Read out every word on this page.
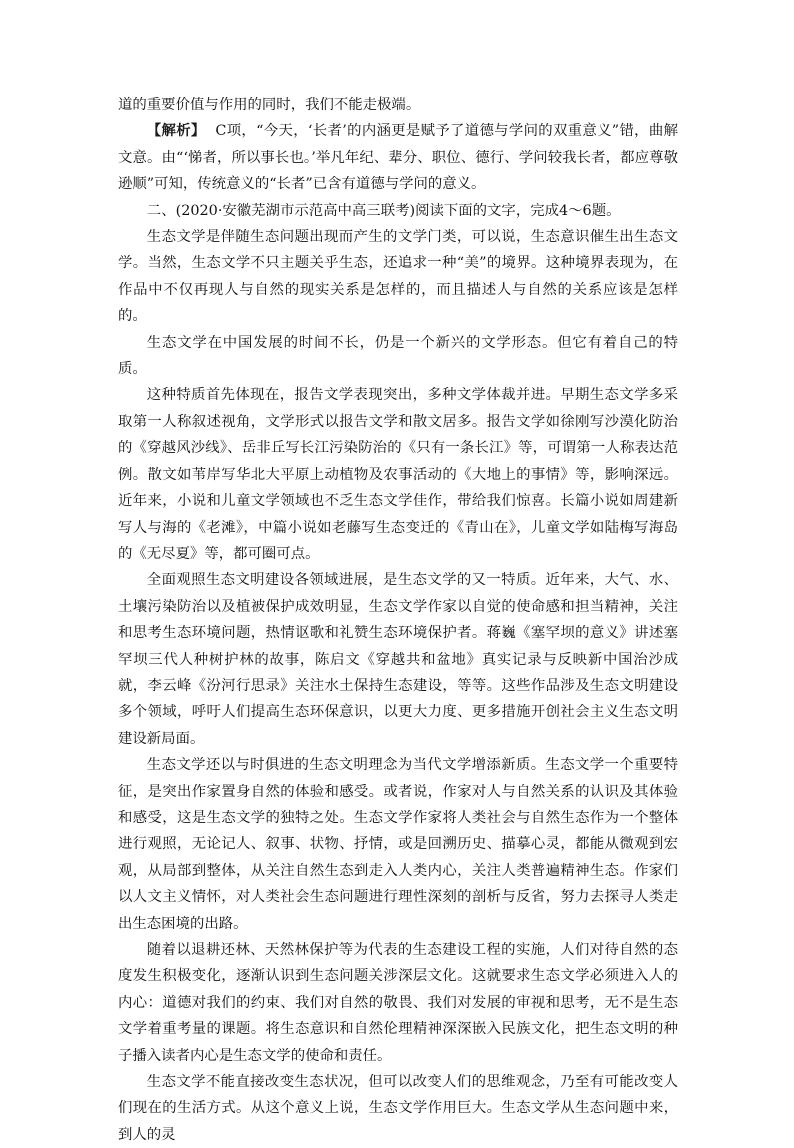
道的重要价值与作用的同时，我们不能走极端。

【解析】 C项，“今天，‘长者’的内涵更是赋予了道德与学问的双重意义”错，曲解文意。由“‘悌者，所以事长也。’举凡年纪、辈分、职位、德行、学问较我长者，都应尊敬逊顺”可知，传统意义的“长者”已含有道德与学问的意义。

二、(2020·安徽芜湖市示范高中高三联考)阅读下面的文字，完成4～6题。

生态文学是伴随生态问题出现而产生的文学门类，可以说，生态意识催生出生态文学。当然，生态文学不只主题关乎生态，还追求一种“美”的境界。这种境界表现为，在作品中不仅再现人与自然的现实关系是怎样的，而且描述人与自然的关系应该是怎样的。

生态文学在中国发展的时间不长，仍是一个新兴的文学形态。但它有着自己的特质。

这种特质首先体现在，报告文学表现突出，多种文学体裁并进。早期生态文学多采取第一人称叙述视角，文学形式以报告文学和散文居多。报告文学如徐刚写沙漠化防治的《穿越风沙线》、岳非丘写长江污染防治的《只有一条长江》等，可谓第一人称表达范例。散文如苇岸写华北大平原上动植物及农事活动的《大地上的事情》等，影响深远。近年来，小说和儿童文学领域也不乏生态文学佳作，带给我们惊喜。长篇小说如周建新写人与海的《老滩》，中篇小说如老藤写生态变迁的《青山在》，儿童文学如陆梅写海岛的《无尽夏》等，都可圈可点。

全面观照生态文明建设各领域进展，是生态文学的又一特质。近年来，大气、水、土壤污染防治以及植被保护成效明显，生态文学作家以自觉的使命感和担当精神，关注和思考生态环境问题，热情讴歌和礼赞生态环境保护者。蒋巍《塞罕坝的意义》讲述塞罕坝三代人种树护林的故事，陈启文《穿越共和盆地》真实记录与反映新中国治沙成就，李云峰《汾河行思录》关注水土保持生态建设，等等。这些作品涉及生态文明建设多个领域，呼吁人们提高生态环保意识，以更大力度、更多措施开创社会主义生态文明建设新局面。

生态文学还以与时俱进的生态文明理念为当代文学增添新质。生态文学一个重要特征，是突出作家置身自然的体验和感受。或者说，作家对人与自然关系的认识及其体验和感受，这是生态文学的独特之处。生态文学作家将人类社会与自然生态作为一个整体进行观照，无论记人、叙事、状物、抒情，或是回溯历史、描摹心灵，都能从微观到宏观，从局部到整体，从关注自然生态到走入人类内心，关注人类普遍精神生态。作家们以人文主义情怀，对人类社会生态问题进行理性深刻的剖析与反省，努力去探寻人类走出生态困境的出路。

随着以退耕还林、天然林保护等为代表的生态建设工程的实施，人们对待自然的态度发生积极变化，逐渐认识到生态问题关涉深层文化。这就要求生态文学必须进入人的内心：道德对我们的约束、我们对自然的敬畏、我们对发展的审视和思考，无不是生态文学着重考量的课题。将生态意识和自然伦理精神深深嵌入民族文化，把生态文明的种子播入读者内心是生态文学的使命和责任。

生态文学不能直接改变生态状况，但可以改变人们的思维观念，乃至有可能改变人们现在的生活方式。从这个意义上说，生态文学作用巨大。生态文学从生态问题中来，到人的灵
